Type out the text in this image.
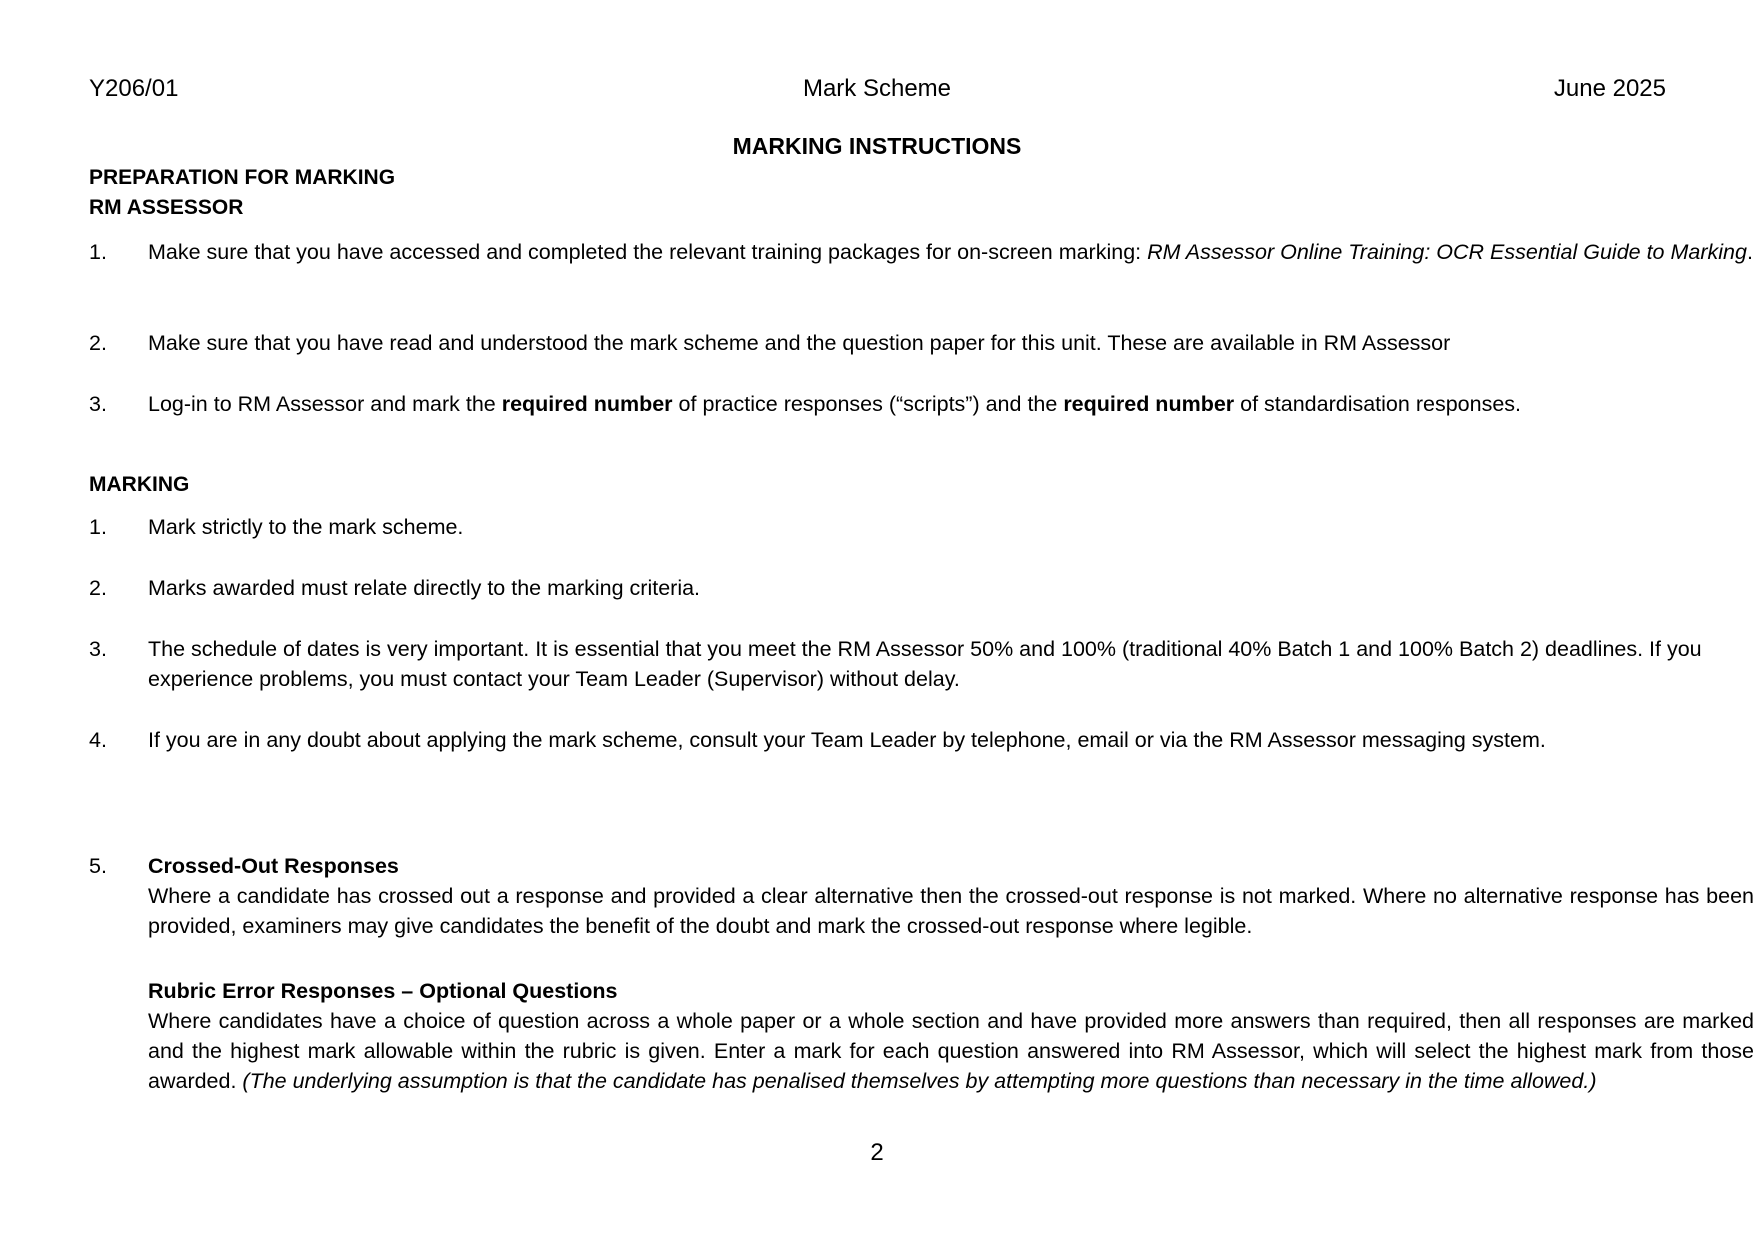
Y206/01	Mark Scheme	June 2025
MARKING INSTRUCTIONS
PREPARATION FOR MARKING
RM ASSESSOR
1.	Make sure that you have accessed and completed the relevant training packages for on-screen marking: RM Assessor Online Training: OCR Essential Guide to Marking.
2.	Make sure that you have read and understood the mark scheme and the question paper for this unit. These are available in RM Assessor
3.	Log-in to RM Assessor and mark the required number of practice responses (“scripts”) and the required number of standardisation responses.
MARKING
1.	Mark strictly to the mark scheme.
2.	Marks awarded must relate directly to the marking criteria.
3.	The schedule of dates is very important. It is essential that you meet the RM Assessor 50% and 100% (traditional 40% Batch 1 and 100% Batch 2) deadlines. If you experience problems, you must contact your Team Leader (Supervisor) without delay.
4.	If you are in any doubt about applying the mark scheme, consult your Team Leader by telephone, email or via the RM Assessor messaging system.
5.	Crossed-Out Responses
Where a candidate has crossed out a response and provided a clear alternative then the crossed-out response is not marked. Where no alternative response has been provided, examiners may give candidates the benefit of the doubt and mark the crossed-out response where legible.
Rubric Error Responses – Optional Questions
Where candidates have a choice of question across a whole paper or a whole section and have provided more answers than required, then all responses are marked and the highest mark allowable within the rubric is given. Enter a mark for each question answered into RM Assessor, which will select the highest mark from those awarded. (The underlying assumption is that the candidate has penalised themselves by attempting more questions than necessary in the time allowed.)
2
